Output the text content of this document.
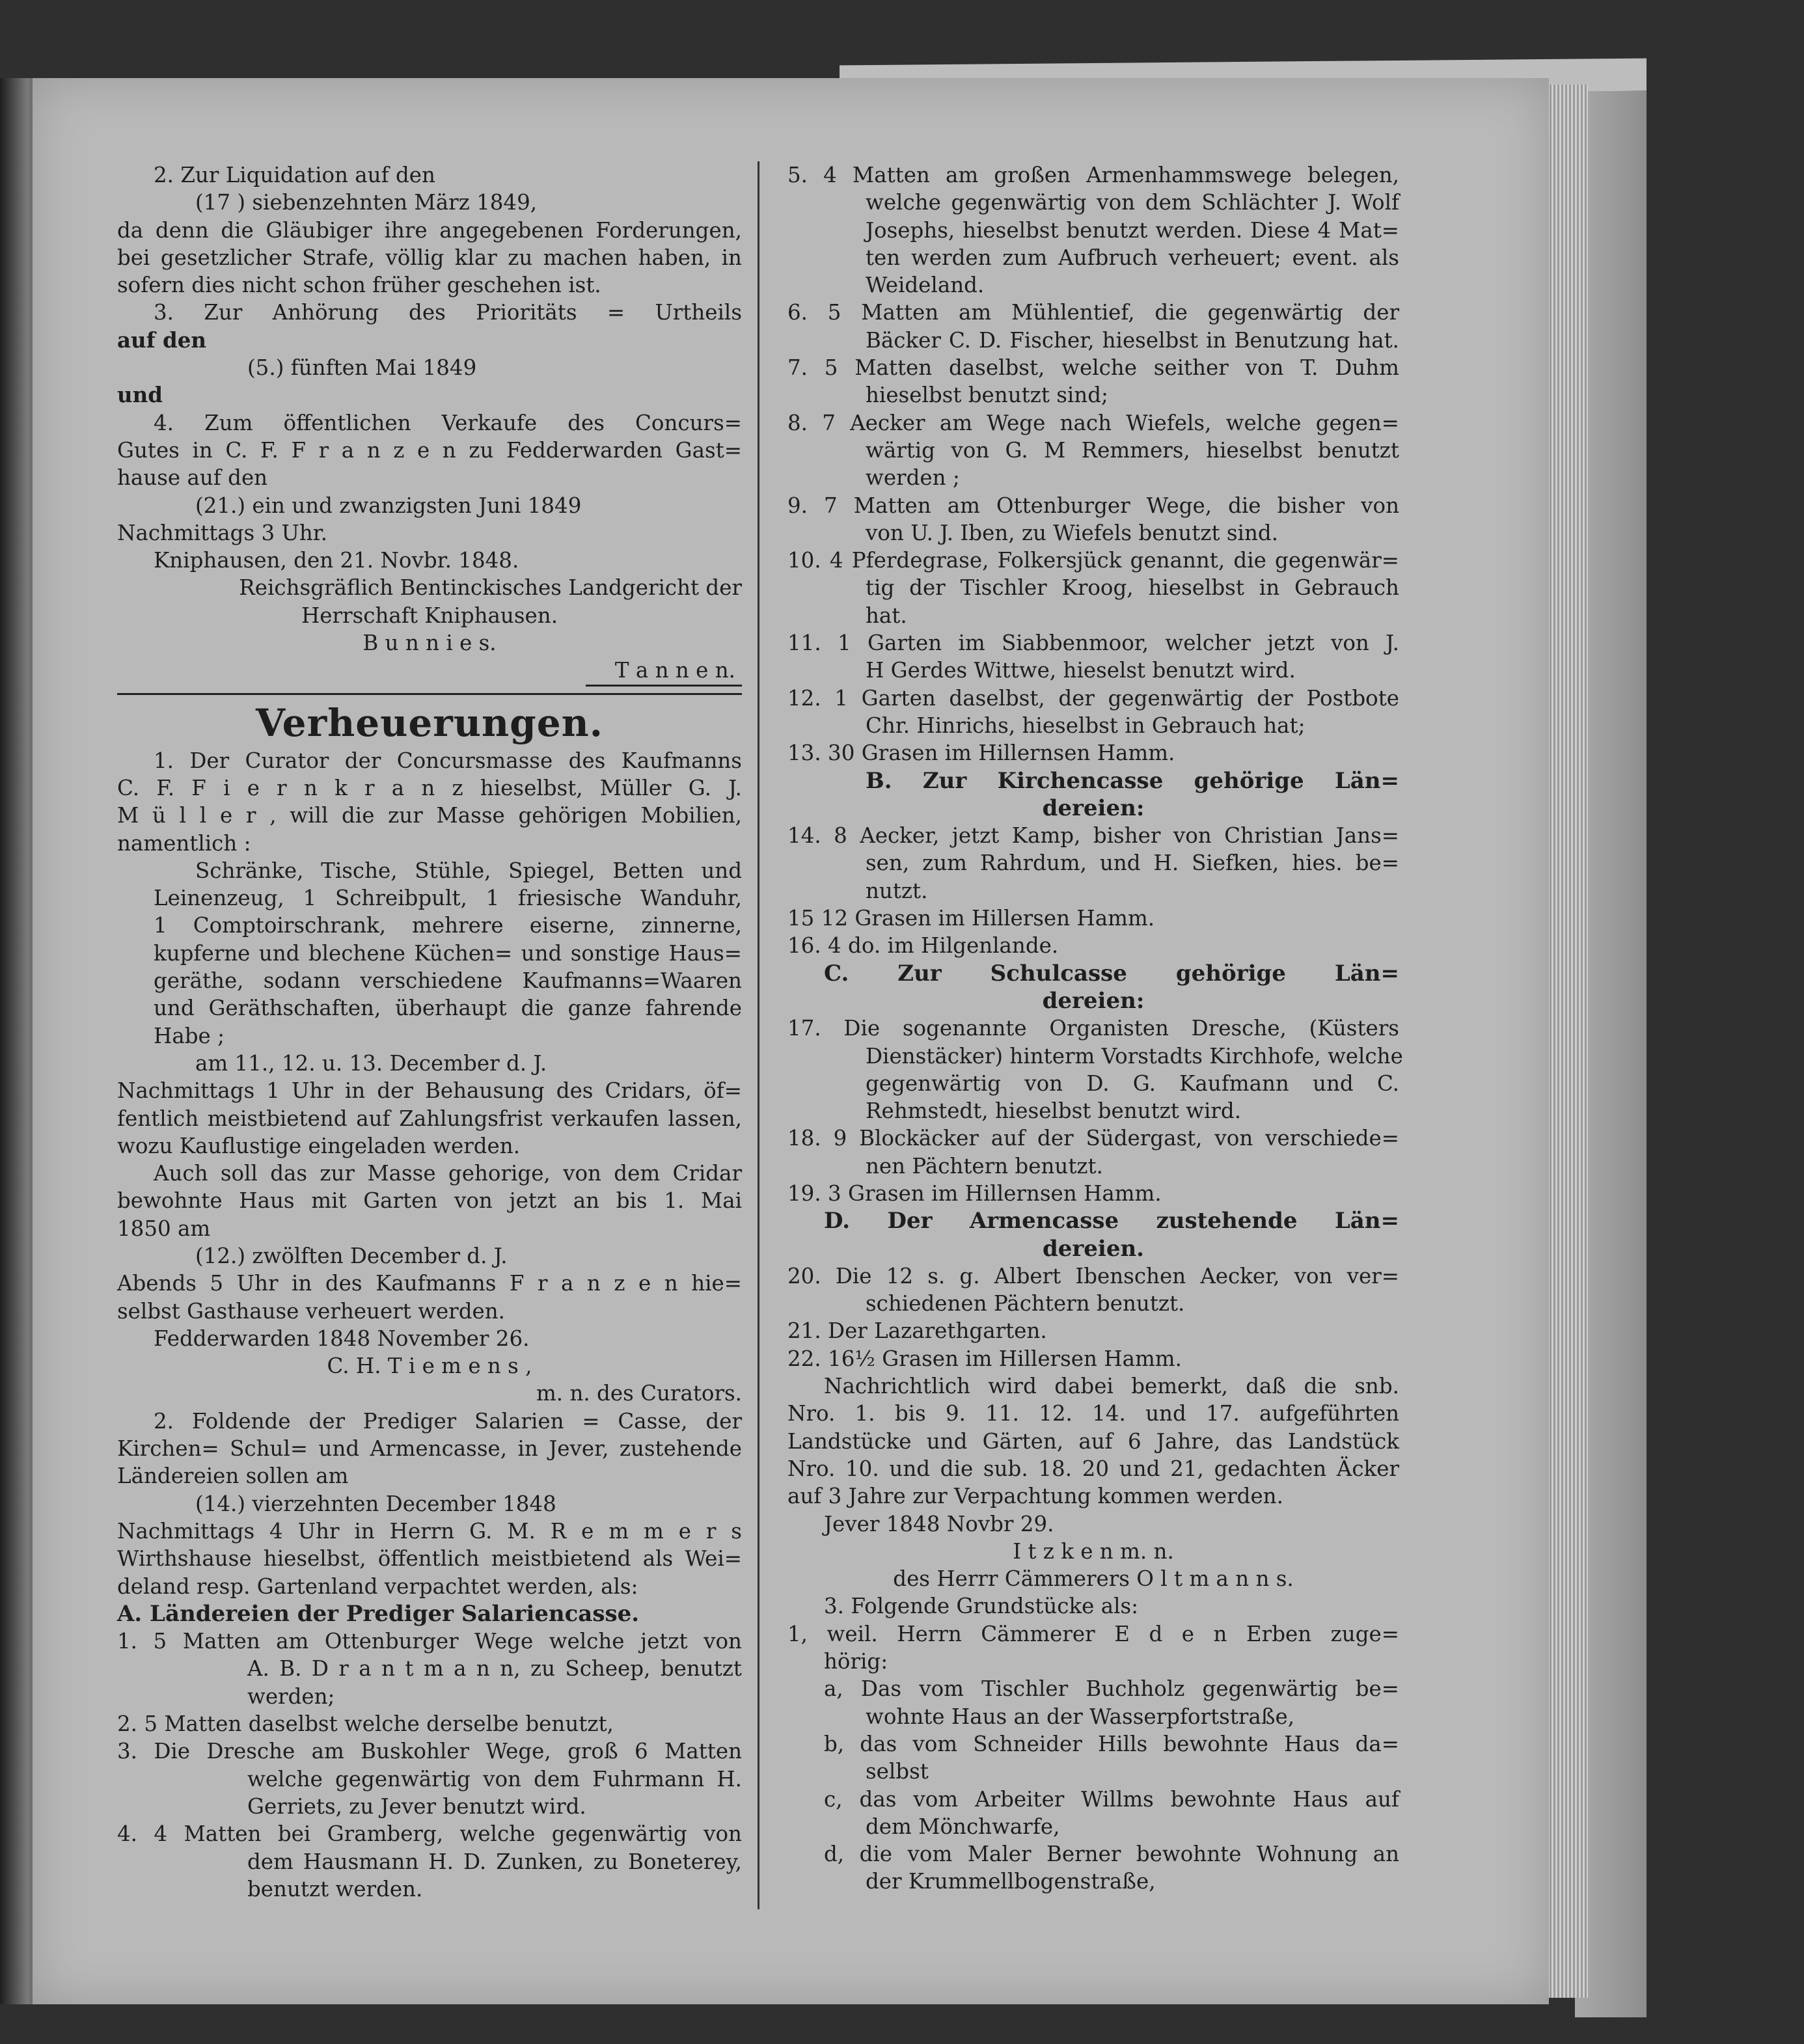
2. Zur Liquidation auf den
(17 ) siebenzehnten März 1849,
da denn die Gläubiger ihre angegebenen Forderungen,
bei gesetzlicher Strafe, völlig klar zu machen haben, in
sofern dies nicht schon früher geschehen ist.
3. Zur Anhörung des Prioritäts = Urtheils
auf den
(5.) fünften Mai 1849
und
4. Zum öffentlichen Verkaufe des Concurs=
Gutes in C. F. F r a n z e n zu Fedderwarden Gast=
hause auf den
(21.) ein und zwanzigsten Juni 1849
Nachmittags 3 Uhr.
Kniphausen, den 21. Novbr. 1848.
Reichsgräflich Bentinckisches Landgericht der
Herrschaft Kniphausen.
B u n n i e s.
T a n n e n.
Verheuerungen.
1. Der Curator der Concursmasse des Kaufmanns
C. F. F i e r n k r a n z hieselbst, Müller G. J.
M ü l l e r , will die zur Masse gehörigen Mobilien,
namentlich :
Schränke, Tische, Stühle, Spiegel, Betten und
Leinenzeug, 1 Schreibpult, 1 friesische Wanduhr,
1 Comptoirschrank, mehrere eiserne, zinnerne,
kupferne und blechene Küchen= und sonstige Haus=
geräthe, sodann verschiedene Kaufmanns=Waaren
und Geräthschaften, überhaupt die ganze fahrende
Habe ;
am 11., 12. u. 13. December d. J.
Nachmittags 1 Uhr in der Behausung des Cridars, öf=
fentlich meistbietend auf Zahlungsfrist verkaufen lassen,
wozu Kauflustige eingeladen werden.
Auch soll das zur Masse gehorige, von dem Cridar
bewohnte Haus mit Garten von jetzt an bis 1. Mai
1850 am
(12.) zwölften December d. J.
Abends 5 Uhr in des Kaufmanns F r a n z e n hie=
selbst Gasthause verheuert werden.
Fedderwarden 1848 November 26.
C. H. T i e m e n s ,
m. n. des Curators.
2. Foldende der Prediger Salarien = Casse, der
Kirchen= Schul= und Armencasse, in Jever, zustehende
Ländereien sollen am
(14.) vierzehnten December 1848
Nachmittags 4 Uhr in Herrn G. M. R e m m e r s
Wirthshause hieselbst, öffentlich meistbietend als Wei=
deland resp. Gartenland verpachtet werden, als:
A. Ländereien der Prediger Salariencasse.
1. 5 Matten am Ottenburger Wege welche jetzt von
A. B. D r a n t m a n n, zu Scheep, benutzt
werden;
2. 5 Matten daselbst welche derselbe benutzt,
3. Die Dresche am Buskohler Wege, groß 6 Matten
welche gegenwärtig von dem Fuhrmann H.
Gerriets, zu Jever benutzt wird.
4. 4 Matten bei Gramberg, welche gegenwärtig von
dem Hausmann H. D. Zunken, zu Boneterey,
benutzt werden.
5. 4 Matten am großen Armenhammswege belegen,
welche gegenwärtig von dem Schlächter J. Wolf
Josephs, hieselbst benutzt werden. Diese 4 Mat=
ten werden zum Aufbruch verheuert; event. als
Weideland.
6. 5 Matten am Mühlentief, die gegenwärtig der
Bäcker C. D. Fischer, hieselbst in Benutzung hat.
7. 5 Matten daselbst, welche seither von T. Duhm
hieselbst benutzt sind;
8. 7 Aecker am Wege nach Wiefels, welche gegen=
wärtig von G. M Remmers, hieselbst benutzt
werden ;
9. 7 Matten am Ottenburger Wege, die bisher von
von U. J. Iben, zu Wiefels benutzt sind.
10. 4 Pferdegrase, Folkersjück genannt, die gegenwär=
tig der Tischler Kroog, hieselbst in Gebrauch
hat.
11. 1 Garten im Siabbenmoor, welcher jetzt von J.
H Gerdes Wittwe, hieselst benutzt wird.
12. 1 Garten daselbst, der gegenwärtig der Postbote
Chr. Hinrichs, hieselbst in Gebrauch hat;
13. 30 Grasen im Hillernsen Hamm.
B. Zur Kirchencasse gehörige Län=
dereien:
14. 8 Aecker, jetzt Kamp, bisher von Christian Jans=
sen, zum Rahrdum, und H. Siefken, hies. be=
nutzt.
15 12 Grasen im Hillersen Hamm.
16. 4 do. im Hilgenlande.
C. Zur Schulcasse gehörige Län=
dereien:
17. Die sogenannte Organisten Dresche, (Küsters
Dienstäcker) hinterm Vorstadts Kirchhofe, welche
gegenwärtig von D. G. Kaufmann und C.
Rehmstedt, hieselbst benutzt wird.
18. 9 Blockäcker auf der Südergast, von verschiede=
nen Pächtern benutzt.
19. 3 Grasen im Hillernsen Hamm.
D. Der Armencasse zustehende Län=
dereien.
20. Die 12 s. g. Albert Ibenschen Aecker, von ver=
schiedenen Pächtern benutzt.
21. Der Lazarethgarten.
22. 16½ Grasen im Hillersen Hamm.
Nachrichtlich wird dabei bemerkt, daß die snb.
Nro. 1. bis 9. 11. 12. 14. und 17. aufgeführten
Landstücke und Gärten, auf 6 Jahre, das Landstück
Nro. 10. und die sub. 18. 20 und 21, gedachten Äcker
auf 3 Jahre zur Verpachtung kommen werden.
Jever 1848 Novbr 29.
I t z k e n m. n.
des Herrr Cämmerers O l t m a n n s.
3. Folgende Grundstücke als:
1, weil. Herrn Cämmerer E d e n Erben zuge=
hörig:
a, Das vom Tischler Buchholz gegenwärtig be=
wohnte Haus an der Wasserpfortstraße,
b, das vom Schneider Hills bewohnte Haus da=
selbst
c, das vom Arbeiter Willms bewohnte Haus auf
dem Mönchwarfe,
d, die vom Maler Berner bewohnte Wohnung an
der Krummellbogenstraße,
